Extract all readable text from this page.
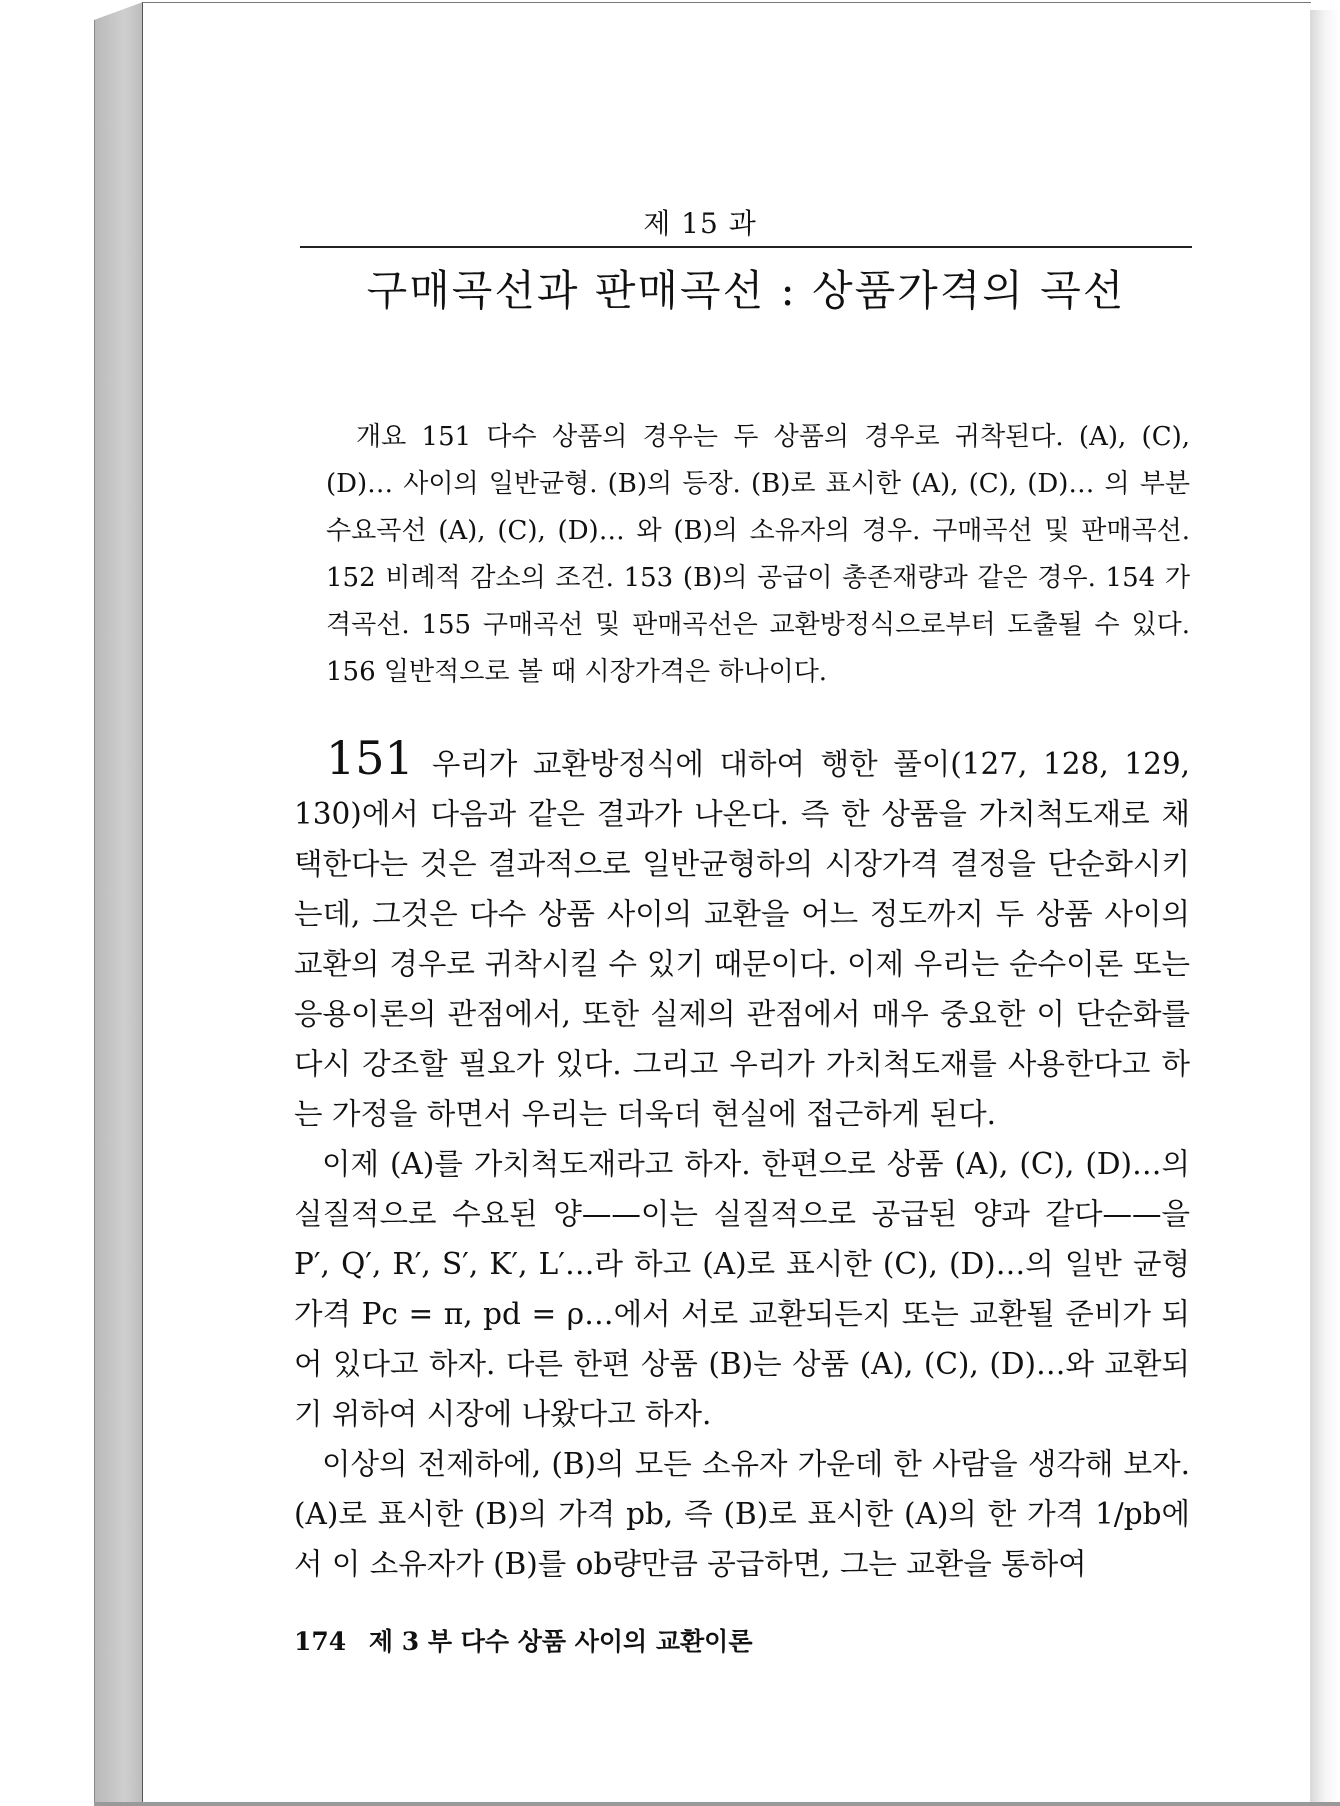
제 15 과
구매곡선과 판매곡선 : 상품가격의 곡선

개요 151 다수 상품의 경우는 두 상품의 경우로 귀착된다. (A), (C), (D)… 사이의 일반균형. (B)의 등장. (B)로 표시한 (A), (C), (D)… 의 부분수요곡선 (A), (C), (D)… 와 (B)의 소유자의 경우. 구매곡선 및 판매곡선. 152 비례적 감소의 조건. 153 (B)의 공급이 총존재량과 같은 경우. 154 가격곡선. 155 구매곡선 및 판매곡선은 교환방정식으로부터 도출될 수 있다. 156 일반적으로 볼 때 시장가격은 하나이다.

151 우리가 교환방정식에 대하여 행한 풀이(127, 128, 129, 130)에서 다음과 같은 결과가 나온다. 즉 한 상품을 가치척도재로 채택한다는 것은 결과적으로 일반균형하의 시장가격 결정을 단순화시키는데, 그것은 다수 상품 사이의 교환을 어느 정도까지 두 상품 사이의 교환의 경우로 귀착시킬 수 있기 때문이다. 이제 우리는 순수이론 또는 응용이론의 관점에서, 또한 실제의 관점에서 매우 중요한 이 단순화를 다시 강조할 필요가 있다. 그리고 우리가 가치척도재를 사용한다고 하는 가정을 하면서 우리는 더욱더 현실에 접근하게 된다.

이제 (A)를 가치척도재라고 하자. 한편으로 상품 (A), (C), (D)…의 실질적으로 수요된 양——이는 실질적으로 공급된 양과 같다——을 P′, Q′, R′, S′, K′, L′…라 하고 (A)로 표시한 (C), (D)…의 일반 균형가격 Pc = π, pd = ρ…에서 서로 교환되든지 또는 교환될 준비가 되어 있다고 하자. 다른 한편 상품 (B)는 상품 (A), (C), (D)…와 교환되기 위하여 시장에 나왔다고 하자.

이상의 전제하에, (B)의 모든 소유자 가운데 한 사람을 생각해 보자. (A)로 표시한 (B)의 가격 pb, 즉 (B)로 표시한 (A)의 한 가격 1/pb에서 이 소유자가 (B)를 ob량만큼 공급하면, 그는 교환을 통하여

174 제 3 부 다수 상품 사이의 교환이론
